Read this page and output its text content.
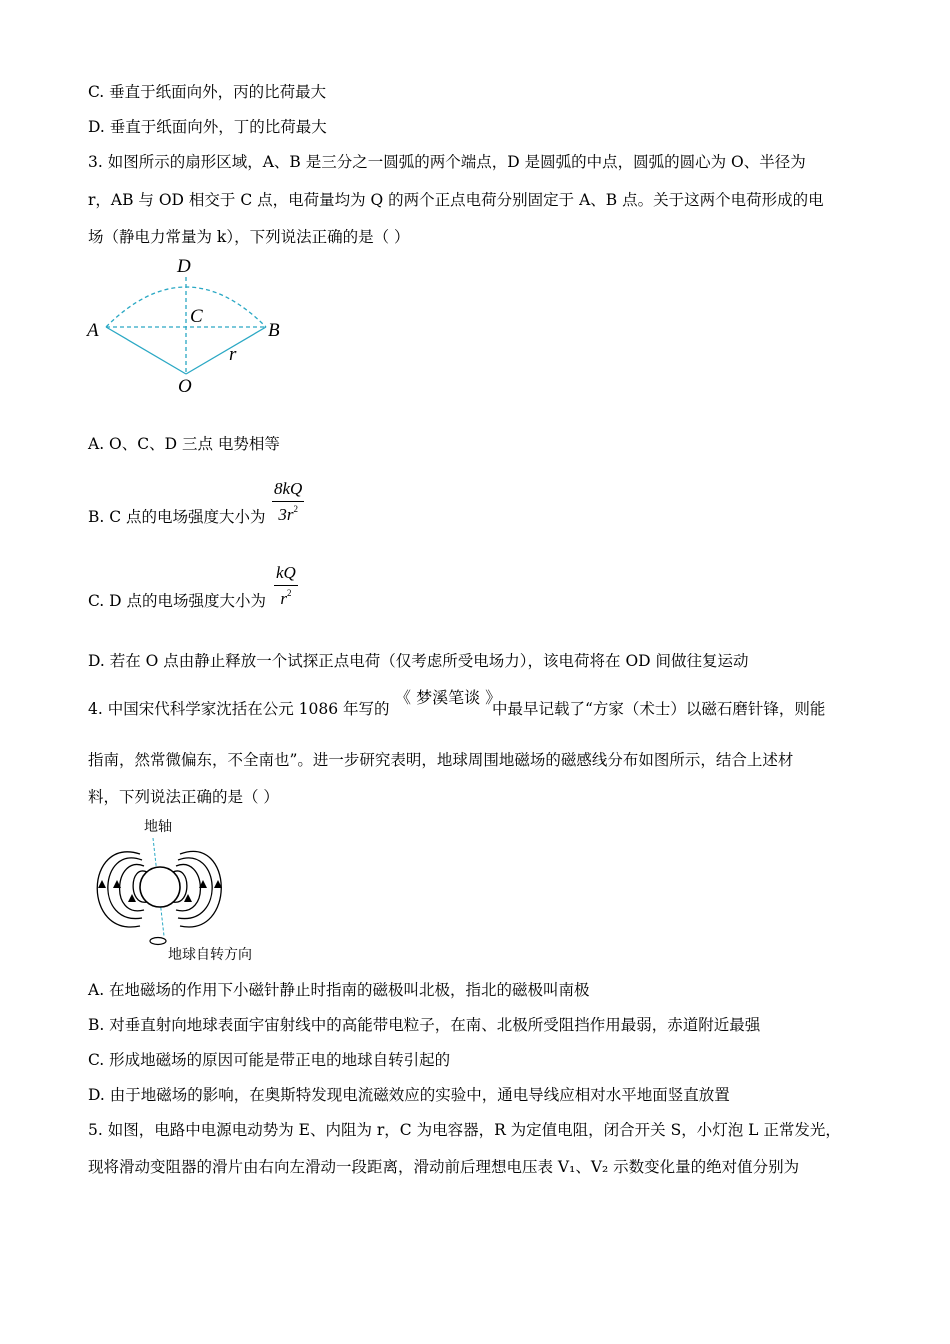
C. 垂直于纸面向外，丙的比荷最大
D. 垂直于纸面向外，丁的比荷最大
3. 如图所示的扇形区域，A、B 是三分之一圆弧的两个端点，D 是圆弧的中点，圆弧的圆心为 O、半径为
r，AB 与 OD 相交于 C 点，电荷量均为 Q 的两个正点电荷分别固定于 A、B 点。关于这两个电荷形成的电
场（静电力常量为 k），下列说法正确的是（ ）
D
C
A	B
r
O
A. O、C、D 三点 电势相等
B. C 点的电场强度大小为
8kQ
$3r^2$
C. D 点的电场强度大小为
kQ
$r^2$
D. 若在 O 点由静止释放一个试探正点电荷（仅考虑所受电场力），该电荷将在 OD 间做往复运动
4. 中国宋代科学家沈括在公元 1086 年写的
《 梦溪笔谈 》
中最早记载了“方家（术士）以磁石磨针锋，则能
指南，然常微偏东，不全南也”。进一步研究表明，地球周围地磁场的磁感线分布如图所示，结合上述材
料，下列说法正确的是（ ）
地轴
地球自转方向
A. 在地磁场的作用下小磁针静止时指南的磁极叫北极，指北的磁极叫南极
B. 对垂直射向地球表面宇宙射线中的高能带电粒子，在南、北极所受阻挡作用最弱，赤道附近最强
C. 形成地磁场的原因可能是带正电的地球自转引起的
D. 由于地磁场的影响，在奥斯特发现电流磁效应的实验中，通电导线应相对水平地面竖直放置
5. 如图，电路中电源电动势为 E、内阻为 r，C 为电容器，R 为定值电阻，闭合开关 S，小灯泡 L 正常发光，
现将滑动变阻器的滑片由右向左滑动一段距离，滑动前后理想电压表 V₁、V₂ 示数变化量的绝对值分别为
